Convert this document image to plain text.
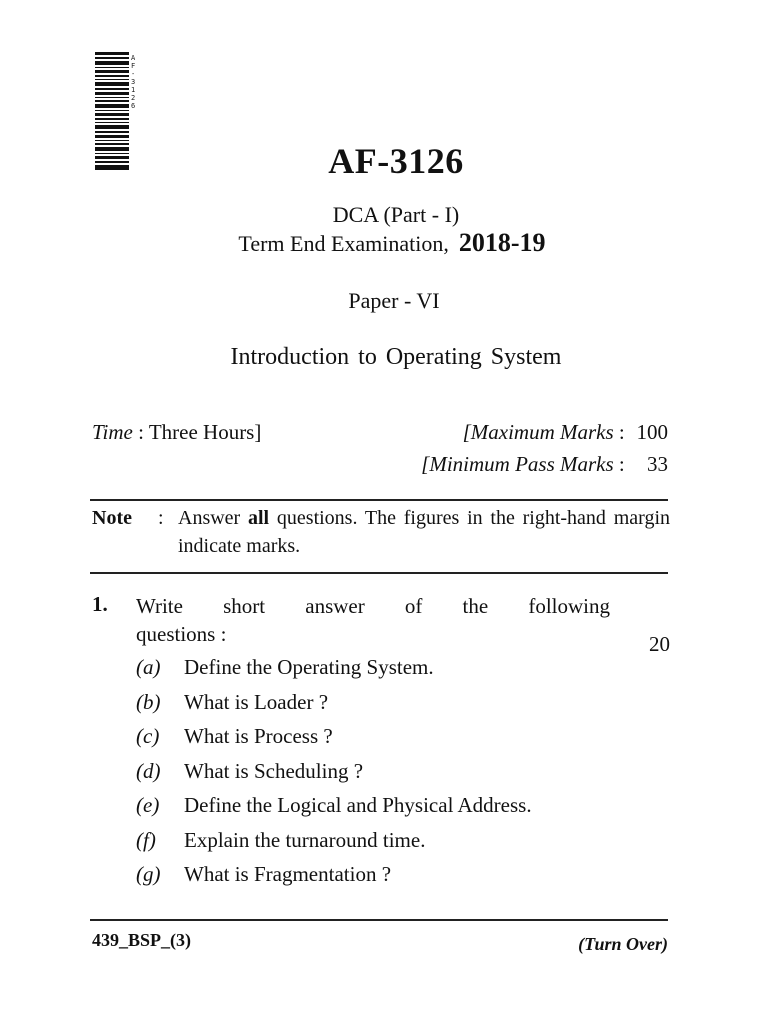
AF-3126
AF-3126
DCA (Part - I)
Term End Examination, 2018-19
Paper - VI
Introduction to Operating System
Time : Three Hours]	[Maximum Marks : 100
[Minimum Pass Marks : 33
Note : Answer all questions. The figures in the right-hand margin indicate marks.
1. Write short answer of the following
questions :	20
(a) Define the Operating System.
(b) What is Loader ?
(c) What is Process ?
(d) What is Scheduling ?
(e) Define the Logical and Physical Address.
(f) Explain the turnaround time.
(g) What is Fragmentation ?
439_BSP_(3)	(Turn Over)
